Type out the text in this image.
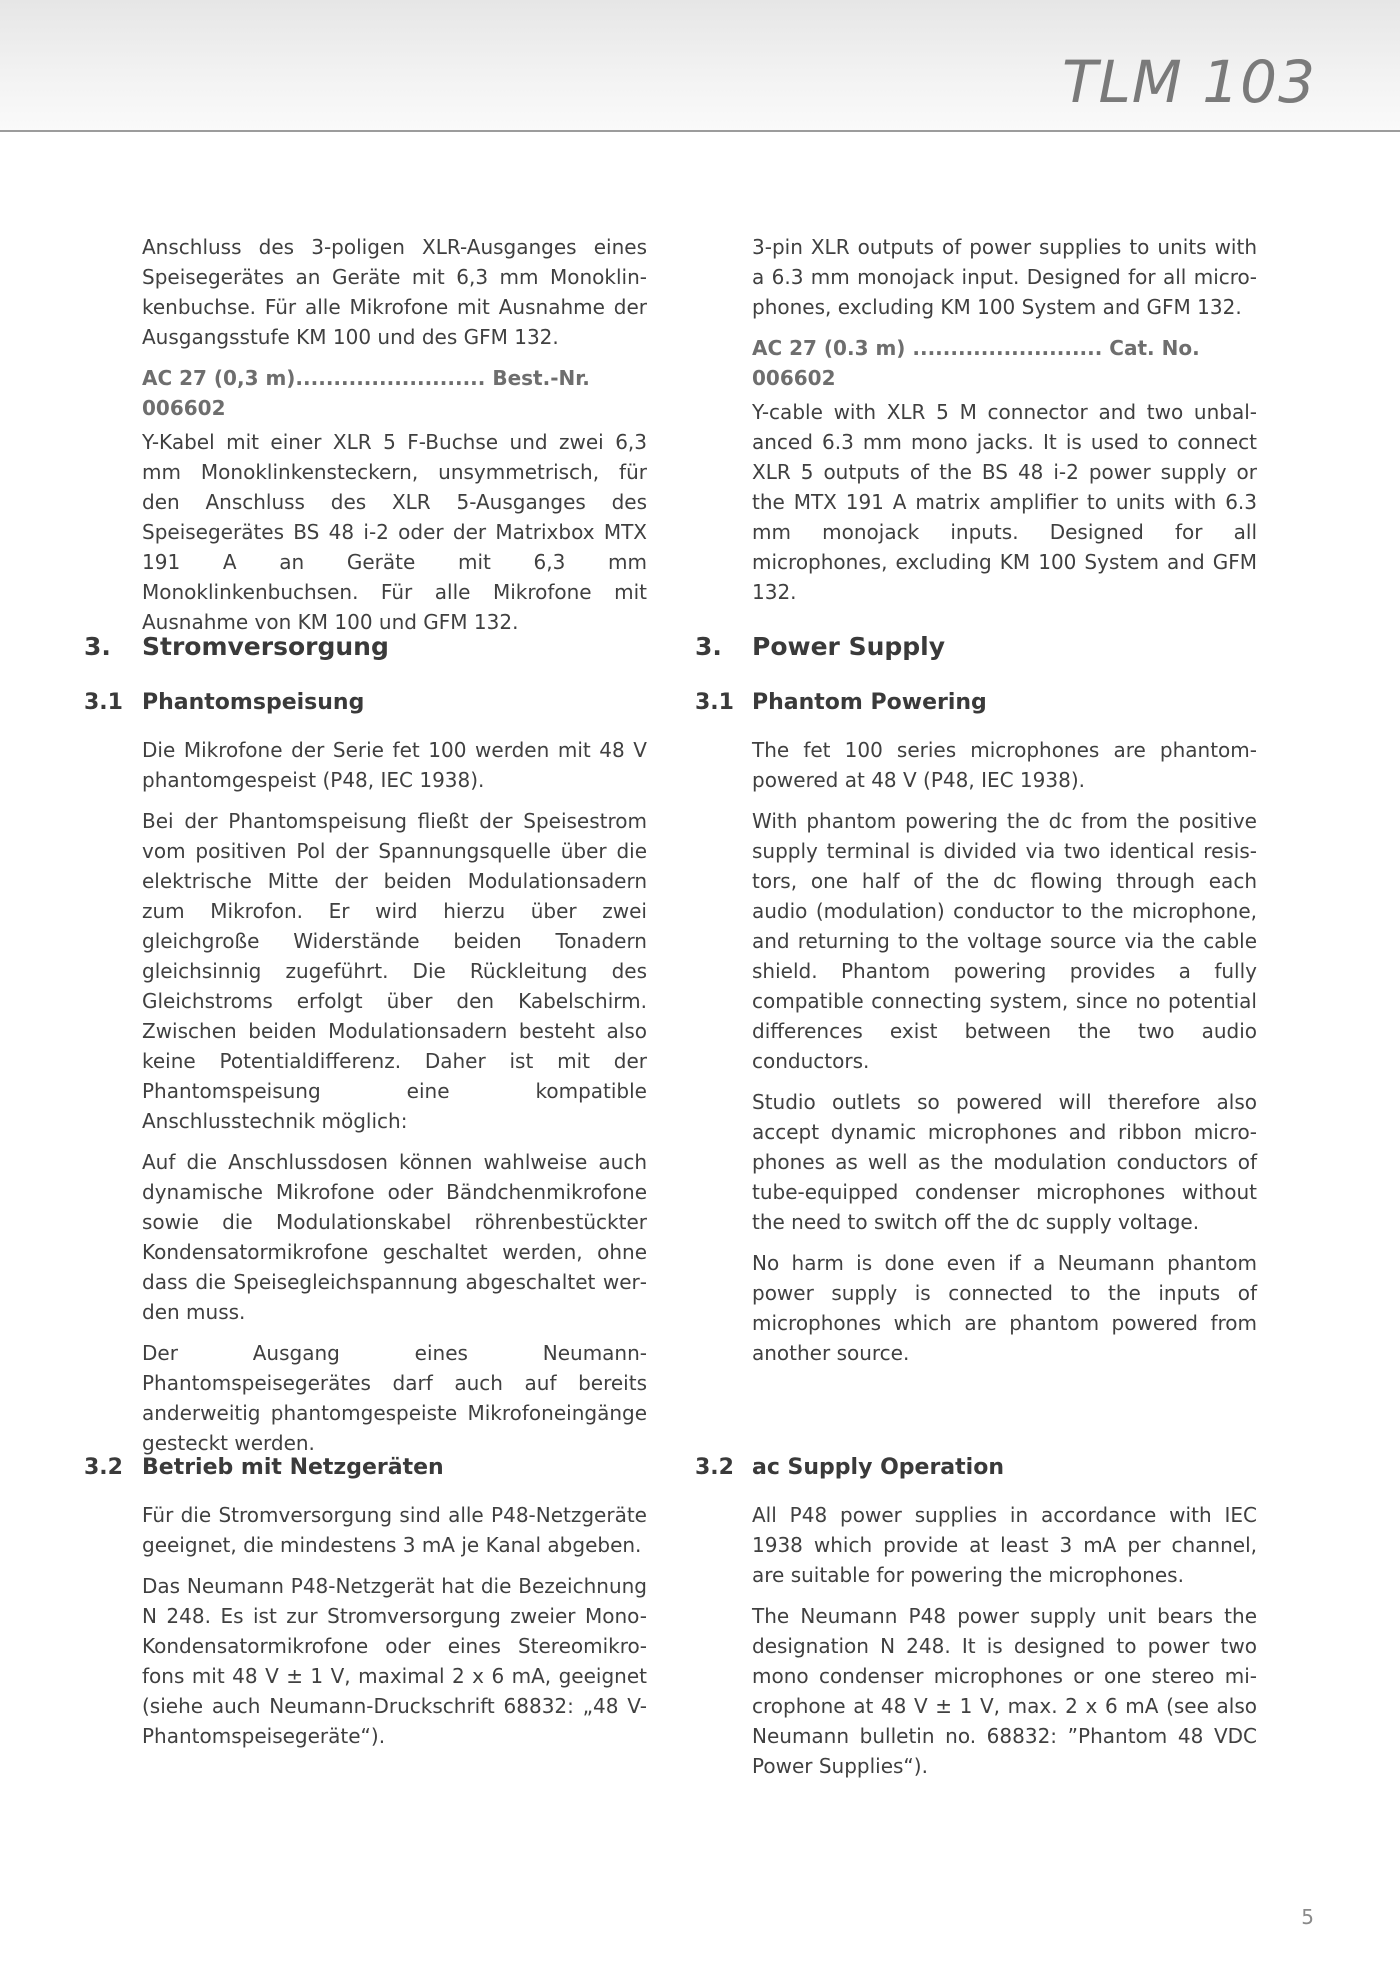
TLM 103

Anschluss des 3-poligen XLR-Ausganges eines Speisegerätes an Geräte mit 6,3 mm Monoklinkenbuchse. Für alle Mikrofone mit Ausnahme der Ausgangsstufe KM 100 und des GFM 132.

AC 27 (0,3 m)......................... Best.-Nr. 006602

Y-Kabel mit einer XLR 5 F-Buchse und zwei 6,3 mm Monoklinkensteckern, unsymmetrisch, für den Anschluss des XLR 5-Ausganges des Speisegerätes BS 48 i-2 oder der Matrixbox MTX 191 A an Geräte mit 6,3 mm Monoklinkenbuchsen. Für alle Mikrofone mit Ausnahme von KM 100 und GFM 132.

3-pin XLR outputs of power supplies to units with a 6.3 mm monojack input. Designed for all microphones, excluding KM 100 System and GFM 132.

AC 27 (0.3 m) ......................... Cat. No. 006602

Y-cable with XLR 5 M connector and two unbalanced 6.3 mm mono jacks. It is used to connect XLR 5 outputs of the BS 48 i-2 power supply or the MTX 191 A matrix amplifier to units with 6.3 mm monojack inputs. Designed for all microphones, excluding KM 100 System and GFM 132.

3. Stromversorgung	3. Power Supply
3.1 Phantomspeisung	3.1 Phantom Powering

Die Mikrofone der Serie fet 100 werden mit 48 V phantomgespeist (P48, IEC 1938).

Bei der Phantomspeisung fließt der Speisestrom vom positiven Pol der Spannungsquelle über die elektrische Mitte der beiden Modulationsadern zum Mikrofon. Er wird hierzu über zwei gleichgroße Widerstände beiden Tonadern gleichsinnig zugeführt. Die Rückleitung des Gleichstroms erfolgt über den Kabelschirm. Zwischen beiden Modulationsadern besteht also keine Potentialdifferenz. Daher ist mit der Phantomspeisung eine kompatible Anschlusstechnik möglich:

Auf die Anschlussdosen können wahlweise auch dynamische Mikrofone oder Bändchenmikrofone sowie die Modulationskabel röhrenbestückter Kondensatormikrofone geschaltet werden, ohne dass die Speisegleichspannung abgeschaltet werden muss.

Der Ausgang eines Neumann-Phantomspeisegerätes darf auch auf bereits anderweitig phantomgespeiste Mikrofoneingänge gesteckt werden.

The fet 100 series microphones are phantom-powered at 48 V (P48, IEC 1938).

With phantom powering the dc from the positive supply terminal is divided via two identical resistors, one half of the dc flowing through each audio (modulation) conductor to the microphone, and returning to the voltage source via the cable shield. Phantom powering provides a fully compatible connecting system, since no potential differences exist between the two audio conductors.

Studio outlets so powered will therefore also accept dynamic microphones and ribbon microphones as well as the modulation conductors of tube-equipped condenser microphones without the need to switch off the dc supply voltage.

No harm is done even if a Neumann phantom power supply is connected to the inputs of microphones which are phantom powered from another source.

3.2 Betrieb mit Netzgeräten	3.2 ac Supply Operation

Für die Stromversorgung sind alle P48-Netzgeräte geeignet, die mindestens 3 mA je Kanal abgeben.

Das Neumann P48-Netzgerät hat die Bezeichnung N 248. Es ist zur Stromversorgung zweier Mono-Kondensatormikrofone oder eines Stereomikrofons mit 48 V ± 1 V, maximal 2 x 6 mA, geeignet (siehe auch Neumann-Druckschrift 68832: „48 V-Phantomspeisegeräte“).

All P48 power supplies in accordance with IEC 1938 which provide at least 3 mA per channel, are suitable for powering the microphones.

The Neumann P48 power supply unit bears the designation N 248. It is designed to power two mono condenser microphones or one stereo microphone at 48 V ± 1 V, max. 2 x 6 mA (see also Neumann bulletin no. 68832: ”Phantom 48 VDC Power Supplies“).

5
